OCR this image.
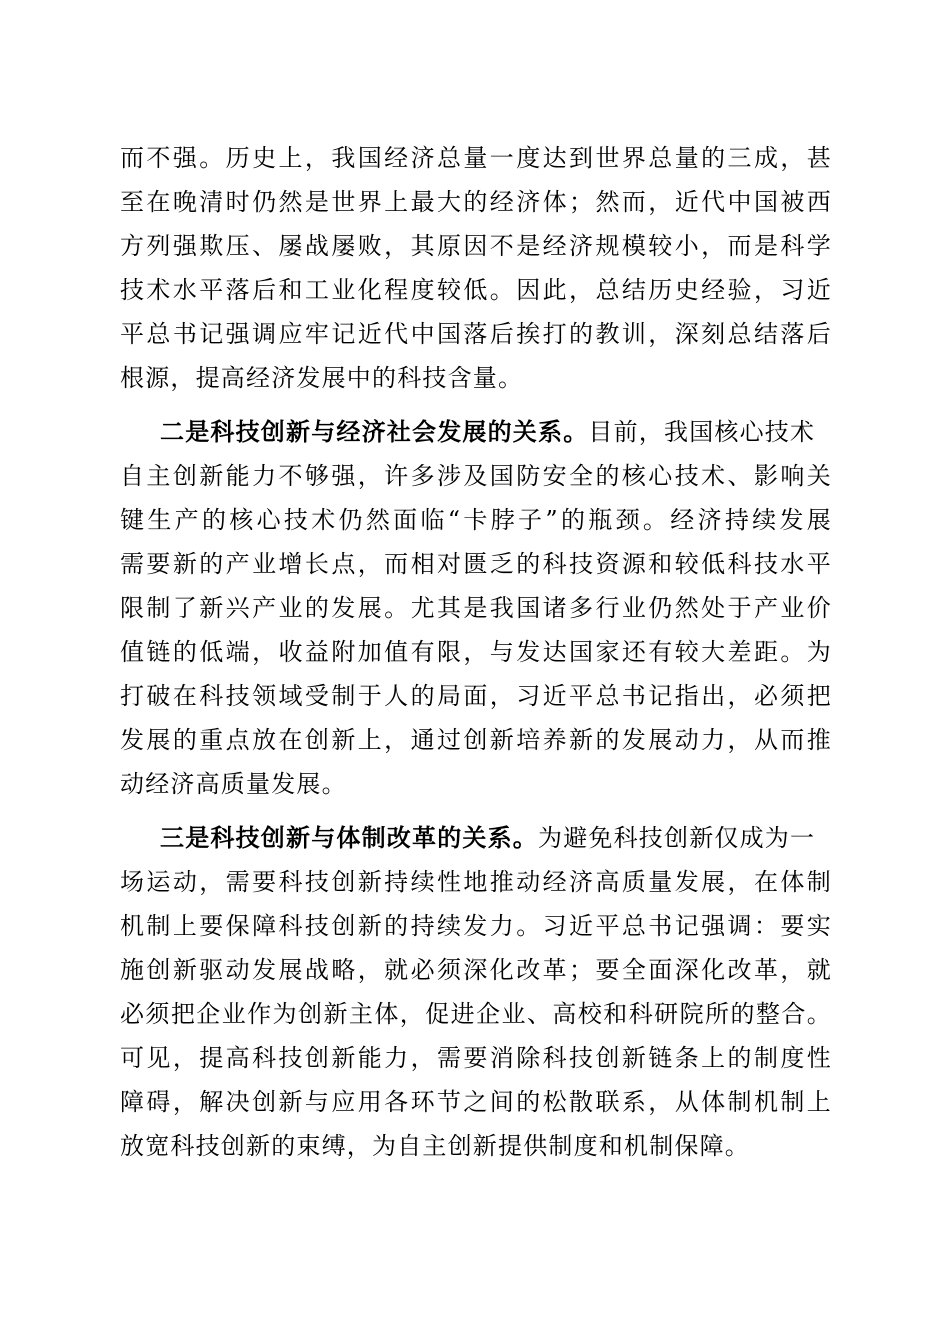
而不强。历史上，我国经济总量一度达到世界总量的三成，甚
至在晚清时仍然是世界上最大的经济体；然而，近代中国被西
方列强欺压、屡战屡败，其原因不是经济规模较小，而是科学
技术水平落后和工业化程度较低。因此，总结历史经验，习近
平总书记强调应牢记近代中国落后挨打的教训，深刻总结落后
根源，提高经济发展中的科技含量。
二是科技创新与经济社会发展的关系。目前，我国核心技术
自主创新能力不够强，许多涉及国防安全的核心技术、影响关
键生产的核心技术仍然面临“卡脖子”的瓶颈。经济持续发展
需要新的产业增长点，而相对匮乏的科技资源和较低科技水平
限制了新兴产业的发展。尤其是我国诸多行业仍然处于产业价
值链的低端，收益附加值有限，与发达国家还有较大差距。为
打破在科技领域受制于人的局面，习近平总书记指出，必须把
发展的重点放在创新上，通过创新培养新的发展动力，从而推
动经济高质量发展。
三是科技创新与体制改革的关系。为避免科技创新仅成为一
场运动，需要科技创新持续性地推动经济高质量发展，在体制
机制上要保障科技创新的持续发力。习近平总书记强调：要实
施创新驱动发展战略，就必须深化改革；要全面深化改革，就
必须把企业作为创新主体，促进企业、高校和科研院所的整合。
可见，提高科技创新能力，需要消除科技创新链条上的制度性
障碍，解决创新与应用各环节之间的松散联系，从体制机制上
放宽科技创新的束缚，为自主创新提供制度和机制保障。
